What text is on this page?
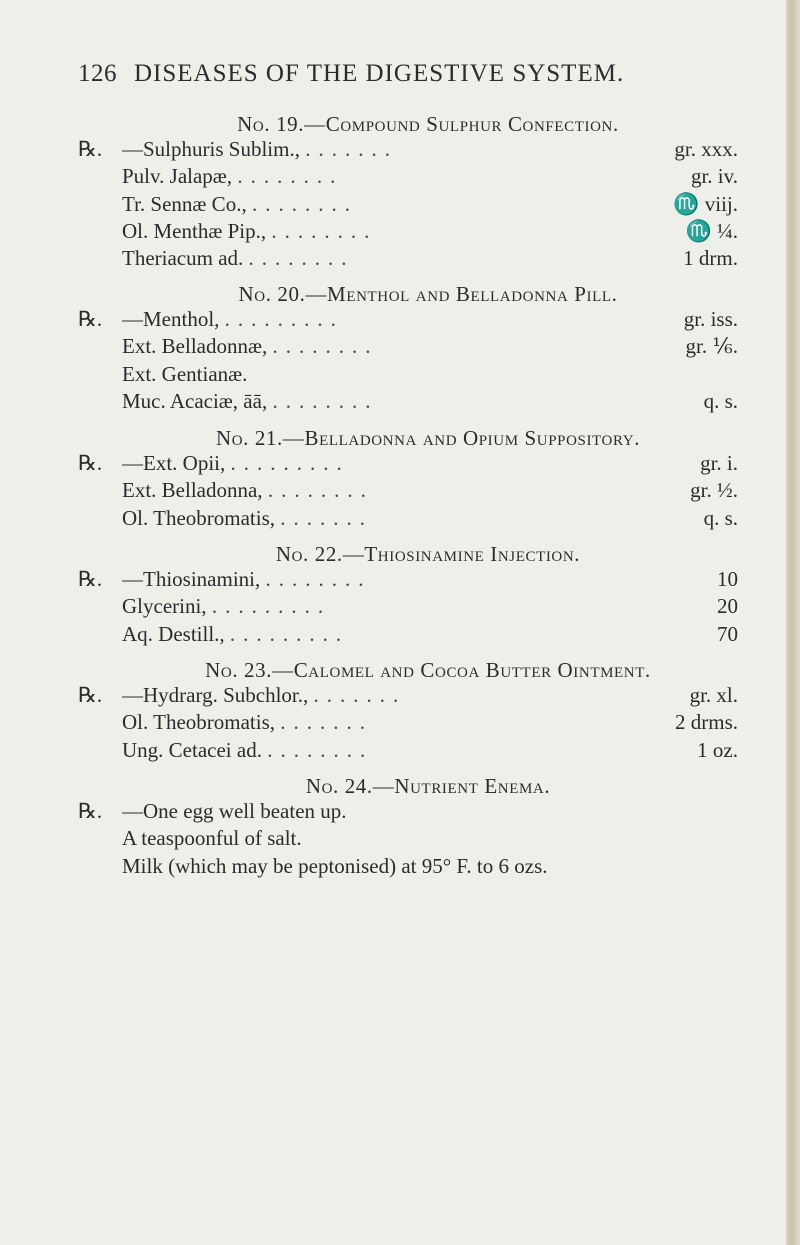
126 DISEASES OF THE DIGESTIVE SYSTEM.
No. 19.—Compound Sulphur Confection.
℞. —Sulphuris Sublim., .......	gr. xxx.
Pulv. Jalapæ, ........	gr. iv.
Tr. Sennæ Co., ........	♏ viij.
Ol. Menthæ Pip., ........	♏ ¼.
Theriacum ad. ........	1 drm.
No. 20.—Menthol and Belladonna Pill.
℞. —Menthol, .........	gr. iss.
Ext. Belladonnæ, ........	gr. ⅙.
Ext. Gentianæ.
Muc. Acaciæ, āā, ........	q. s.
No. 21.—Belladonna and Opium Suppository.
℞. —Ext. Opii, .........	gr. i.
Ext. Belladonna, ........	gr. ½.
Ol. Theobromatis, .......	q. s.
No. 22.—Thiosinamine Injection.
℞. —Thiosinamini, ........	10
Glycerini, .........	20
Aq. Destill., .........	70
No. 23.—Calomel and Cocoa Butter Ointment.
℞. —Hydrarg. Subchlor., .......	gr. xl.
Ol. Theobromatis, .......	2 drms.
Ung. Cetacei ad. ........	1 oz.
No. 24.—Nutrient Enema.
℞. —One egg well beaten up.
A teaspoonful of salt.
Milk (which may be peptonised) at 95° F. to 6 ozs.
